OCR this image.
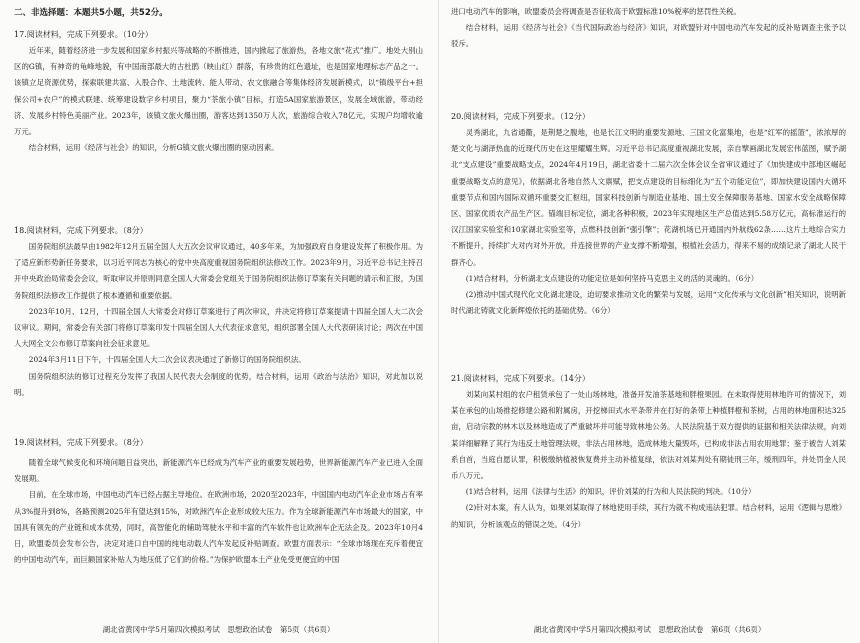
二、非选择题：本题共5小题，共52分。

17.阅读材料，完成下列要求。（10分）

近年来，随着经济进一步发展和国家乡村振兴等战略的不断推进，国内掀起了旅游热，各地文旅“花式”推广。地处大别山区的G镇，有神奇的龟峰地貌，有中国南部最大的古杜鹃（映山红）群落，有珍贵的红色遗址，也是国家地理标志产品之一。该镇立足资源优势，探索联建共富、入股合作、土地流转、能人带动、农文旅融合等集体经济发展新模式，以“镇级平台+担保公司+农户”的模式联建、统筹建设数字乡村项目，聚力“茶旅小镇”目标，打造5A国家旅游景区，发展全域旅游，带动经济、发展乡村特色美丽产业。2023年，该镇文旅火爆出圈，游客达到1350万人次，旅游综合收入78亿元，实现户均增收逾万元。

结合材料，运用《经济与社会》的知识，分析G镇文旅火爆出圈的驱动因素。

18.阅读材料，完成下列要求。（8分）

国务院组织法最早由1982年12月五届全国人大五次会议审议通过，40多年来，为加强政府自身建设发挥了积极作用。为了适应新形势新任务要求，以习近平同志为核心的党中央高度重视国务院组织法修改工作。2023年9月，习近平总书记主持召开中央政治局常委会会议，听取审议并原则同意全国人大常委会党组关于国务院组织法修订草案有关问题的请示和汇报，为国务院组织法修改工作提供了根本遵循和重要依据。

2023年10月、12月，十四届全国人大常委会对修订草案进行了两次审议，并决定将修订草案提请十四届全国人大二次会议审议。期间，常委会有关部门将修订草案印发十四届全国人大代表征求意见，组织部署全国人大代表研读讨论；两次在中国人大网全文公布修订草案向社会征求意见。

2024年3月11日下午，十四届全国人大二次会议表决通过了新修订的国务院组织法。

国务院组织法的修订过程充分发挥了我国人民代表大会制度的优势，结合材料，运用《政治与法治》知识，对此加以说明。

19.阅读材料，完成下列要求。（8分）

随着全球气候变化和环境问题日益突出，新能源汽车已经成为汽车产业的重要发展趋势，世界新能源汽车产业已进入全面发展期。

目前，在全球市场，中国电动汽车已经占据主导地位。在欧洲市场，2020至2023年，中国国内电动汽车企业市场占有率从3%提升到8%，各路预测2025年有望达到15%，对欧洲汽车企业形成较大压力。作为全球新能源汽车市场最大的国家，中国具有领先的产业链和成本优势，同时，高智能化的辅助驾驶水平和丰富的汽车软件也让欧洲车企无法企及。2023年10月4日，欧盟委员会发布公告，决定对进口自中国的纯电动载人汽车发起反补贴调查。欧盟方面表示：“全球市场现在充斥着便宜的中国电动汽车，而巨额国家补贴人为地压低了它们的价格。”为保护欧盟本土产业免受更便宜的中国

湖北省黄冈中学5月第四次模拟考试　思想政治试卷　第5页（共6页）

进口电动汽车的影响，欧盟委员会将调查是否征收高于欧盟标准10%税率的惩罚性关税。

结合材料，运用《经济与社会》《当代国际政治与经济》知识，对欧盟针对中国电动汽车发起的反补贴调查主张予以驳斥。

20.阅读材料，完成下列要求。（12分）

灵秀湖北，九省通衢，是荆楚之腹地，也是长江文明的重要发源地、三国文化富集地，也是“红军的摇篮”，浓浓厚的楚文化与湖泽热血的近现代历史在这里耀耀生辉。习近平总书记高度重视湖北发展，亲自擘画湖北发展宏伟蓝图，赋予湖北“支点建设”重要战略支点，2024年4月19日，湖北省委十二届六次全体会议全省审议通过了《加快建成中部地区崛起重要战略支点的意见》，依据湖北各地自然人文禀赋，把支点建设的目标细化为“五个功能定位”，即加快建设国内大循环重要节点和国内国际双循环重要交汇枢纽，国家科技创新与制造业基地、国土安全保障服务基地、国家水安全战略保障区、国家优质农产品生产区。锚端目标定位，湖北各种积极，2023年实现地区生产总值达到5.58万亿元，高标准运行的汉江国家实验室和10家湖北实验室等，点燃科技创新“强引擎”；花湖机场已开通国内外航线62条……这片土地综合实力不断提升，持续扩大对内对外开放，并连接世界的产业支撑不断增强，根植社会活力，得来不易的成绩记录了湖北人民干群齐心。

(1)结合材料，分析湖北支点建设的功能定位是如何坚持马克思主义的活的灵魂的。（6分）

(2)推动中国式现代化文化湖北建设，迫切要求推动文化的繁荣与发展，运用“文化传承与文化创新”相关知识，说明新时代湖北铸就文化新辉煌依托的基础优势。（6分）

21.阅读材料，完成下列要求。（14分）

刘某向某村组的农户租赁承包了一处山场林地，准备开发油茶基地和胖橙果园。在未取得使用林地许可的情况下，刘某在承包的山场推挖修建公路和附属房，开挖梯田式水平条带并在打好的条带上种植胖橙和茶树，占用的林地面积达325亩，启动宗教的林木以及林地造成了严重破坏并可能导致林地公务。人民法院基于双方提供的证据和相关法律法规，向刘某详细解释了其行为违反土地管理法规，非法占用林地，造成林地大量毁坏，已构成非法占用农用地罪；鉴于被告人刘某系自首，当庭自愿认罪，积极缴纳植被恢复费并主动补植复绿，依法对刘某判处有期徒刑三年，缓刑四年，并处罚金人民币八万元。

(1)结合材料，运用《法律与生活》的知识，评价刘某的行为和人民法院的判决。（10分）

(2)针对本案，有人认为，如果刘某取得了林地使用手续，其行为就不构成违法犯罪。结合材料，运用《逻辑与思维》的知识，分析该观点的错误之处。（4分）

湖北省黄冈中学5月第四次模拟考试　思想政治试卷　第6页（共6页）
